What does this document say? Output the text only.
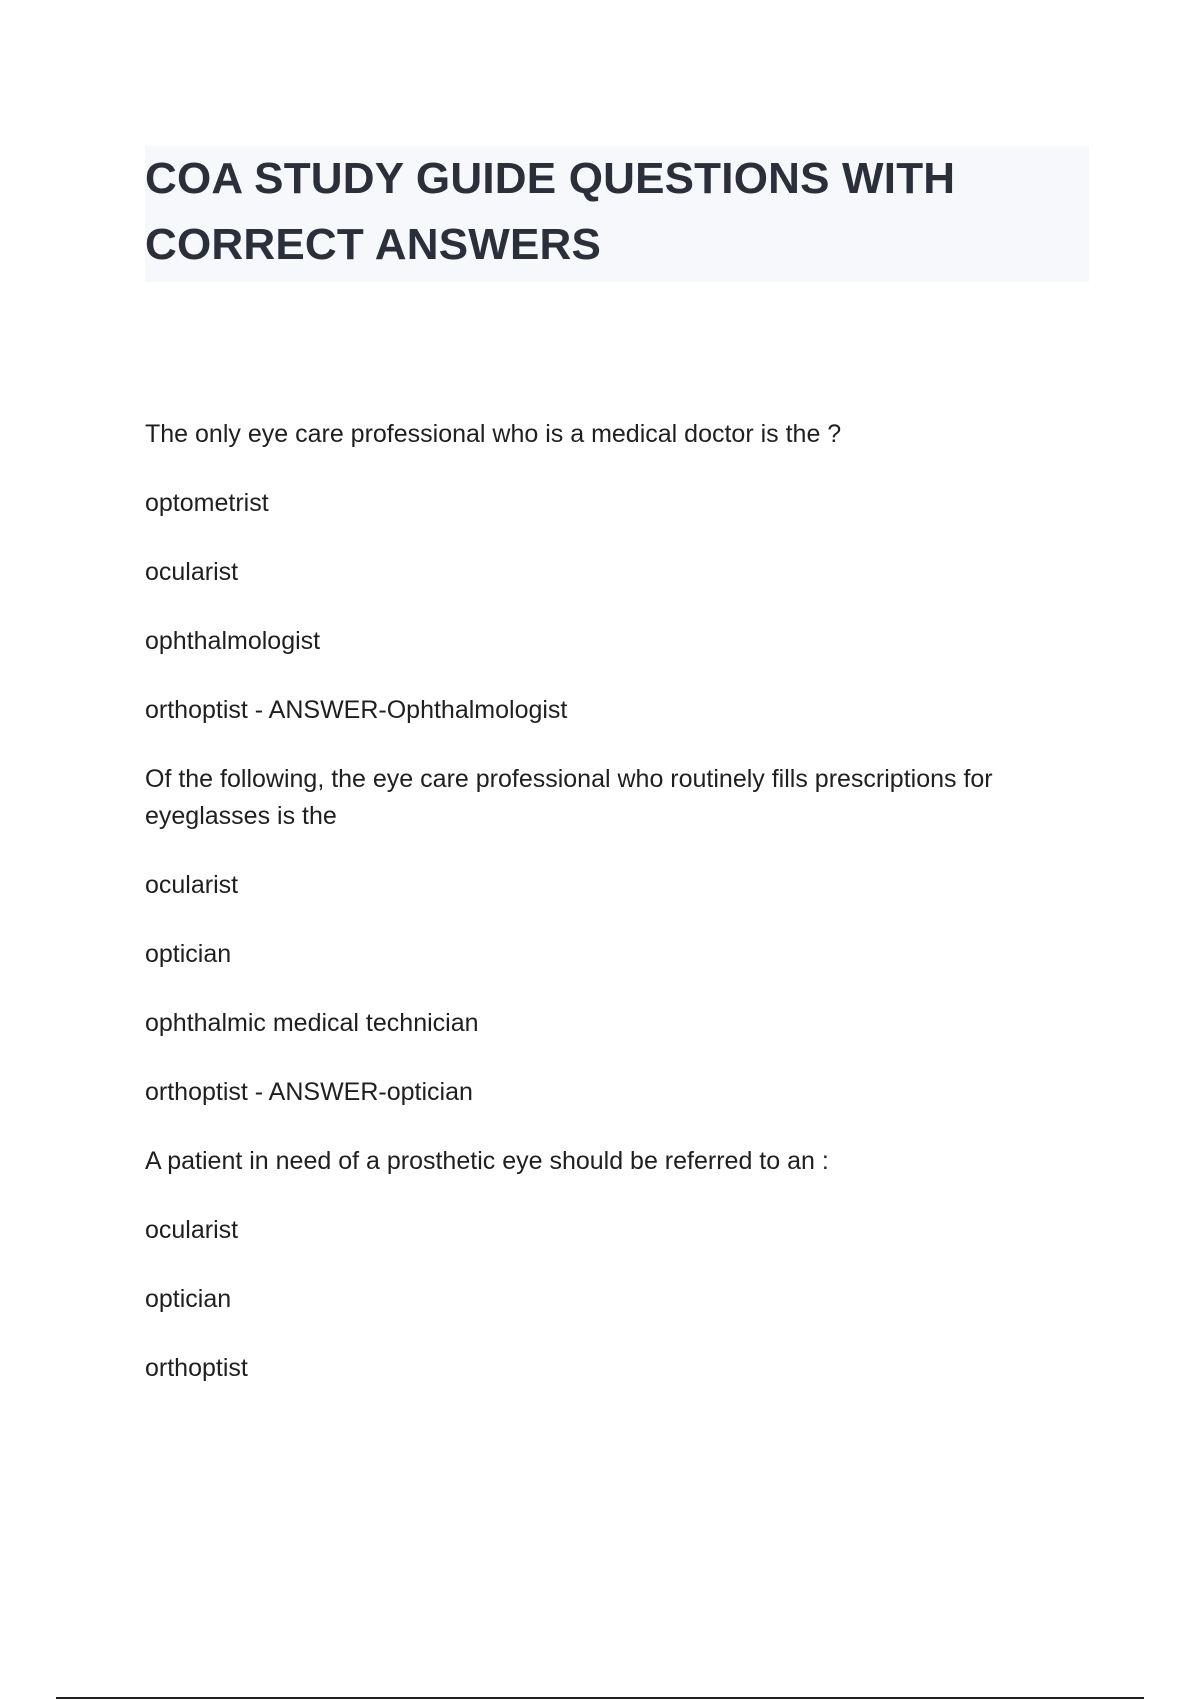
COA STUDY GUIDE QUESTIONS WITH CORRECT ANSWERS

The only eye care professional who is a medical doctor is the ?

optometrist

ocularist

ophthalmologist

orthoptist - ANSWER-Ophthalmologist

Of the following, the eye care professional who routinely fills prescriptions for eyeglasses is the

ocularist

optician

ophthalmic medical technician

orthoptist - ANSWER-optician

A patient in need of a prosthetic eye should be referred to an :

ocularist

optician

orthoptist
